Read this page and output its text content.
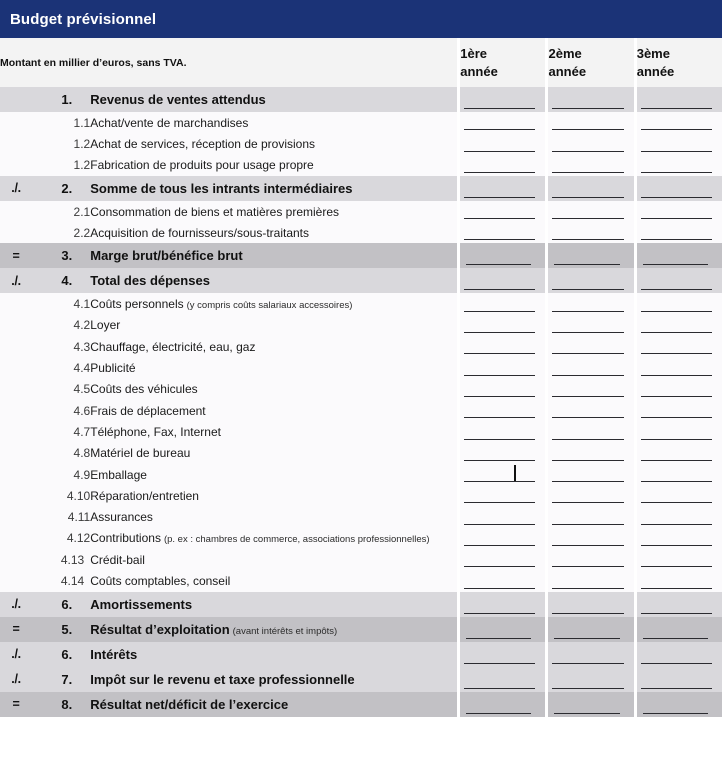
Budget prévisionnel
Montant en millier d’euros, sans TVA.		
1ère
année

2ème
année

3ème
année

	1.	Revenus de ventes attendus		

	1.1	Achat/vente de marchandises		

	1.2	Achat de services, réception de provisions		

	1.2	Fabrication de produits pour usage propre		

./.	2.	Somme de tous les intrants intermédiaires		

	2.1	Consommation de biens et matières premières		

	2.2	Acquisition de fournisseurs/sous-traitants		

=	3.	Marge brut/bénéfice brut		

./.	4.	Total des dépenses		

	4.1	Coûts personnels (y compris coûts salariaux accessoires)		

	4.2	Loyer		

	4.3	Chauffage, électricité, eau, gaz		

	4.4	Publicité		

	4.5	Coûts des véhicules		

	4.6	Frais de déplacement		

	4.7	Téléphone, Fax, Internet		

	4.8	Matériel de bureau		

	4.9	Emballage		

	4.10	Réparation/entretien		

	4.11	Assurances		

	4.12	Contributions (p. ex : chambres de commerce, associations professionnelles)		

	4.13	Crédit-bail		

	4.14	Coûts comptables, conseil		

./.	6.	Amortissements		

=	5.	Résultat d’exploitation (avant intérêts et impôts)		

./.	6.	Intérêts		

./.	7.	Impôt sur le revenu et taxe professionnelle		

=	8.	Résultat net/déficit de l’exercice		
